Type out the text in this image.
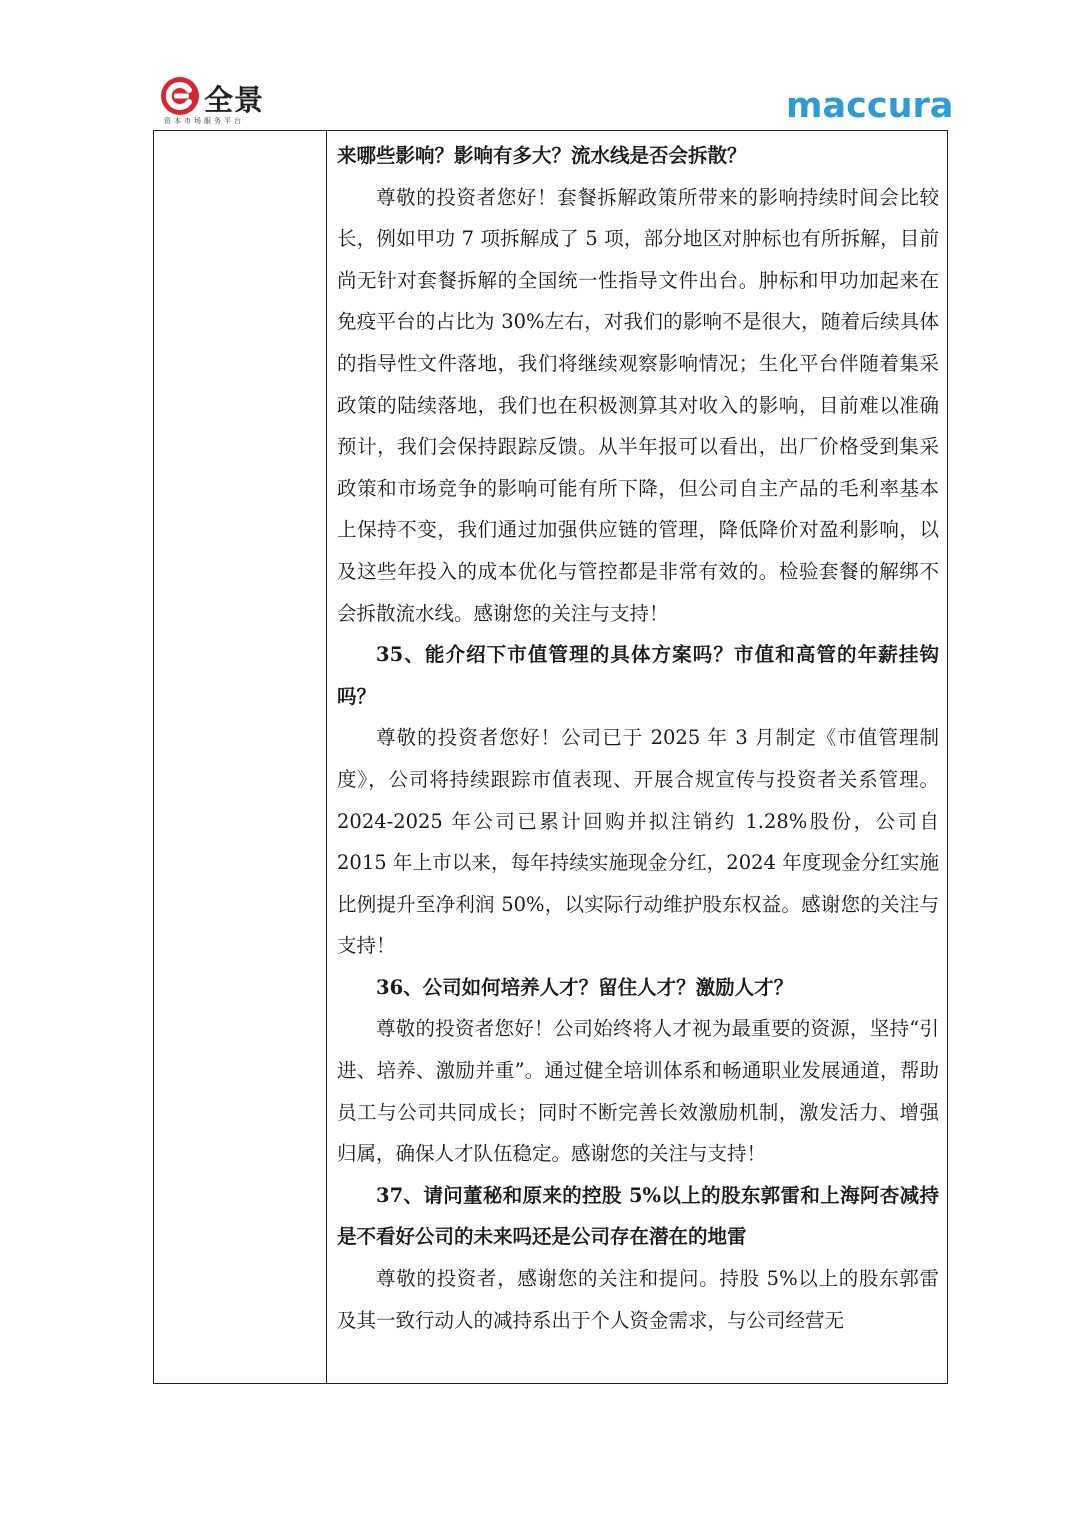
全景
资本市场服务平台	maccura

来哪些影响？影响有多大？流水线是否会拆散？

尊敬的投资者您好！套餐拆解政策所带来的影响持续时间会比较长，例如甲功 7 项拆解成了 5 项，部分地区对肿标也有所拆解，目前尚无针对套餐拆解的全国统一性指导文件出台。肿标和甲功加起来在免疫平台的占比为 30%左右，对我们的影响不是很大，随着后续具体的指导性文件落地，我们将继续观察影响情况；生化平台伴随着集采政策的陆续落地，我们也在积极测算其对收入的影响，目前难以准确预计，我们会保持跟踪反馈。从半年报可以看出，出厂价格受到集采政策和市场竞争的影响可能有所下降，但公司自主产品的毛利率基本上保持不变，我们通过加强供应链的管理，降低降价对盈利影响，以及这些年投入的成本优化与管控都是非常有效的。检验套餐的解绑不会拆散流水线。感谢您的关注与支持！

35、能介绍下市值管理的具体方案吗？市值和高管的年薪挂钩吗？

尊敬的投资者您好！公司已于 2025 年 3 月制定《市值管理制度》，公司将持续跟踪市值表现、开展合规宣传与投资者关系管理。2024-2025 年公司已累计回购并拟注销约 1.28%股份，公司自 2015 年上市以来，每年持续实施现金分红，2024 年度现金分红实施比例提升至净利润 50%，以实际行动维护股东权益。感谢您的关注与支持！

36、公司如何培养人才？留住人才？激励人才？

尊敬的投资者您好！公司始终将人才视为最重要的资源，坚持“引进、培养、激励并重”。通过健全培训体系和畅通职业发展通道，帮助员工与公司共同成长；同时不断完善长效激励机制，激发活力、增强归属，确保人才队伍稳定。感谢您的关注与支持！

37、请问董秘和原来的控股 5%以上的股东郭雷和上海阿杏减持是不看好公司的未来吗还是公司存在潜在的地雷

尊敬的投资者，感谢您的关注和提问。持股 5%以上的股东郭雷及其一致行动人的减持系出于个人资金需求，与公司经营无
